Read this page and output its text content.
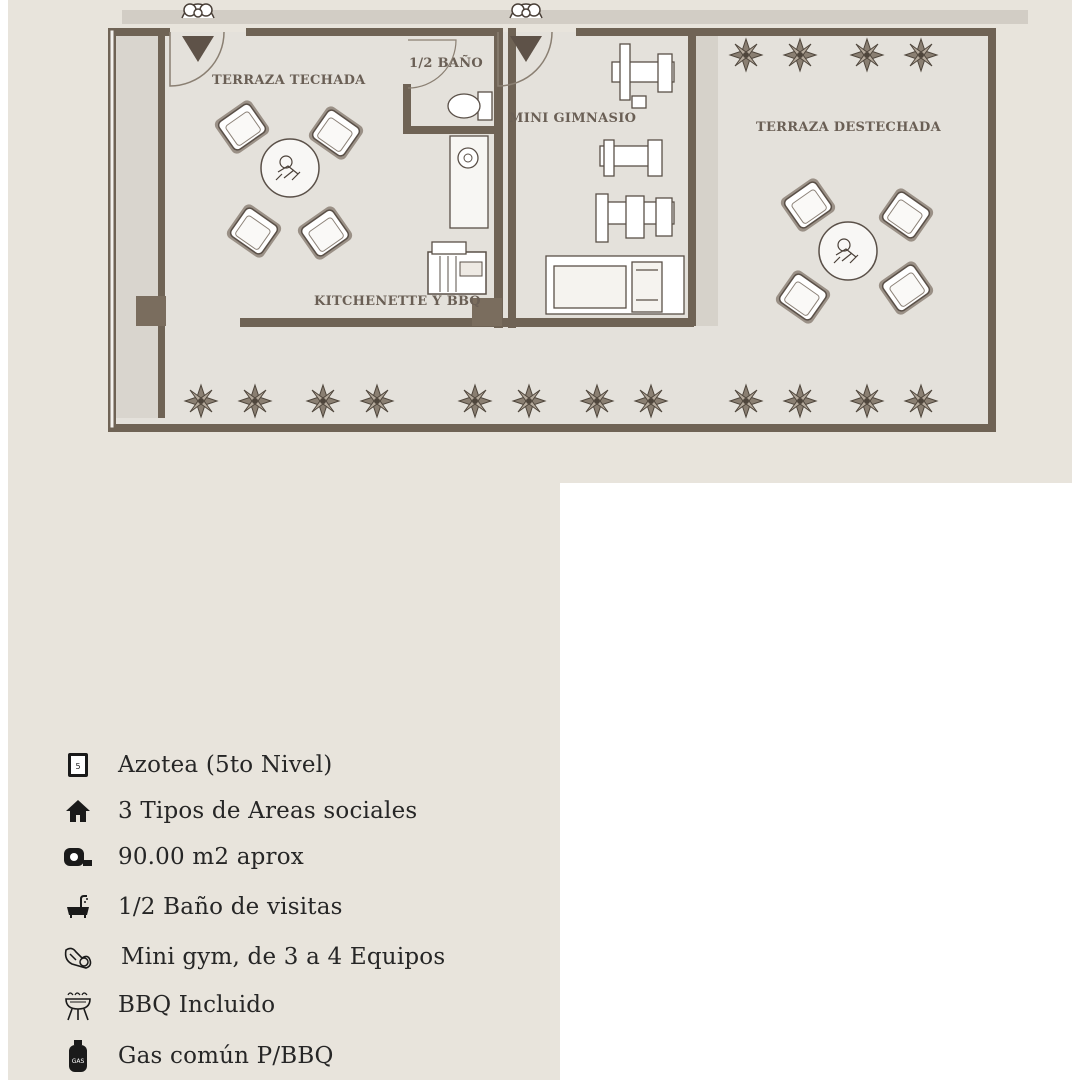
TERRAZA TECHADA
1/2 BAÑO
MINI GIMNASIO
TERRAZA DESTECHADA
KITCHENETTE Y BBQ
5 Azotea (5to Nivel)
3 Tipos de Areas sociales
90.00 m2 aprox
1/2 Baño de visitas
Mini gym, de 3 a 4 Equipos
BBQ Incluido
GAS Gas común P/BBQ
